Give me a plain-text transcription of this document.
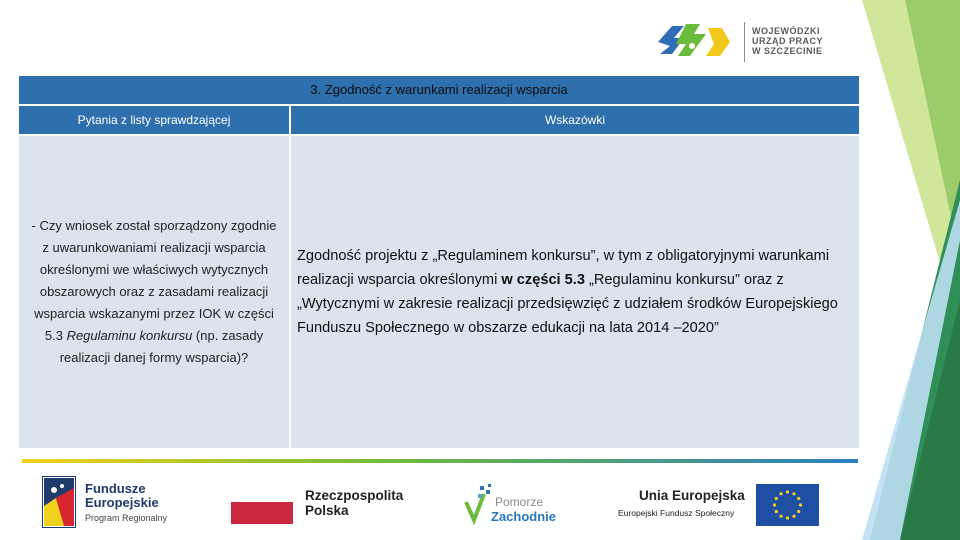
WOJEWÓDZKI
URZĄD PRACY
W SZCZECINIE
3. Zgodność z warunkami realizacji wsparcia
Pytania z listy sprawdzającej	Wskazówki

- Czy wniosek został sporządzony zgodnie z uwarunkowaniami realizacji wsparcia określonymi we właściwych wytycznych obszarowych oraz z zasadami realizacji wsparcia wskazanymi przez IOK w części 5.3 Regulaminu konkursu (np. zasady realizacji danej formy wsparcia)?

Zgodność projektu z „Regulaminem konkursu”, w tym z obligatoryjnymi warunkami realizacji wsparcia określonymi w części 5.3 „Regulaminu konkursu” oraz z „Wytycznymi w zakresie realizacji przedsięwzięć z udziałem środków Europejskiego Funduszu Społecznego w obszarze edukacji na lata 2014 –2020”

Fundusze
Europejskie
Program Regionalny
Rzeczpospolita
Polska
Pomorze
Zachodnie
Unia Europejska
Europejski Fundusz Społeczny
